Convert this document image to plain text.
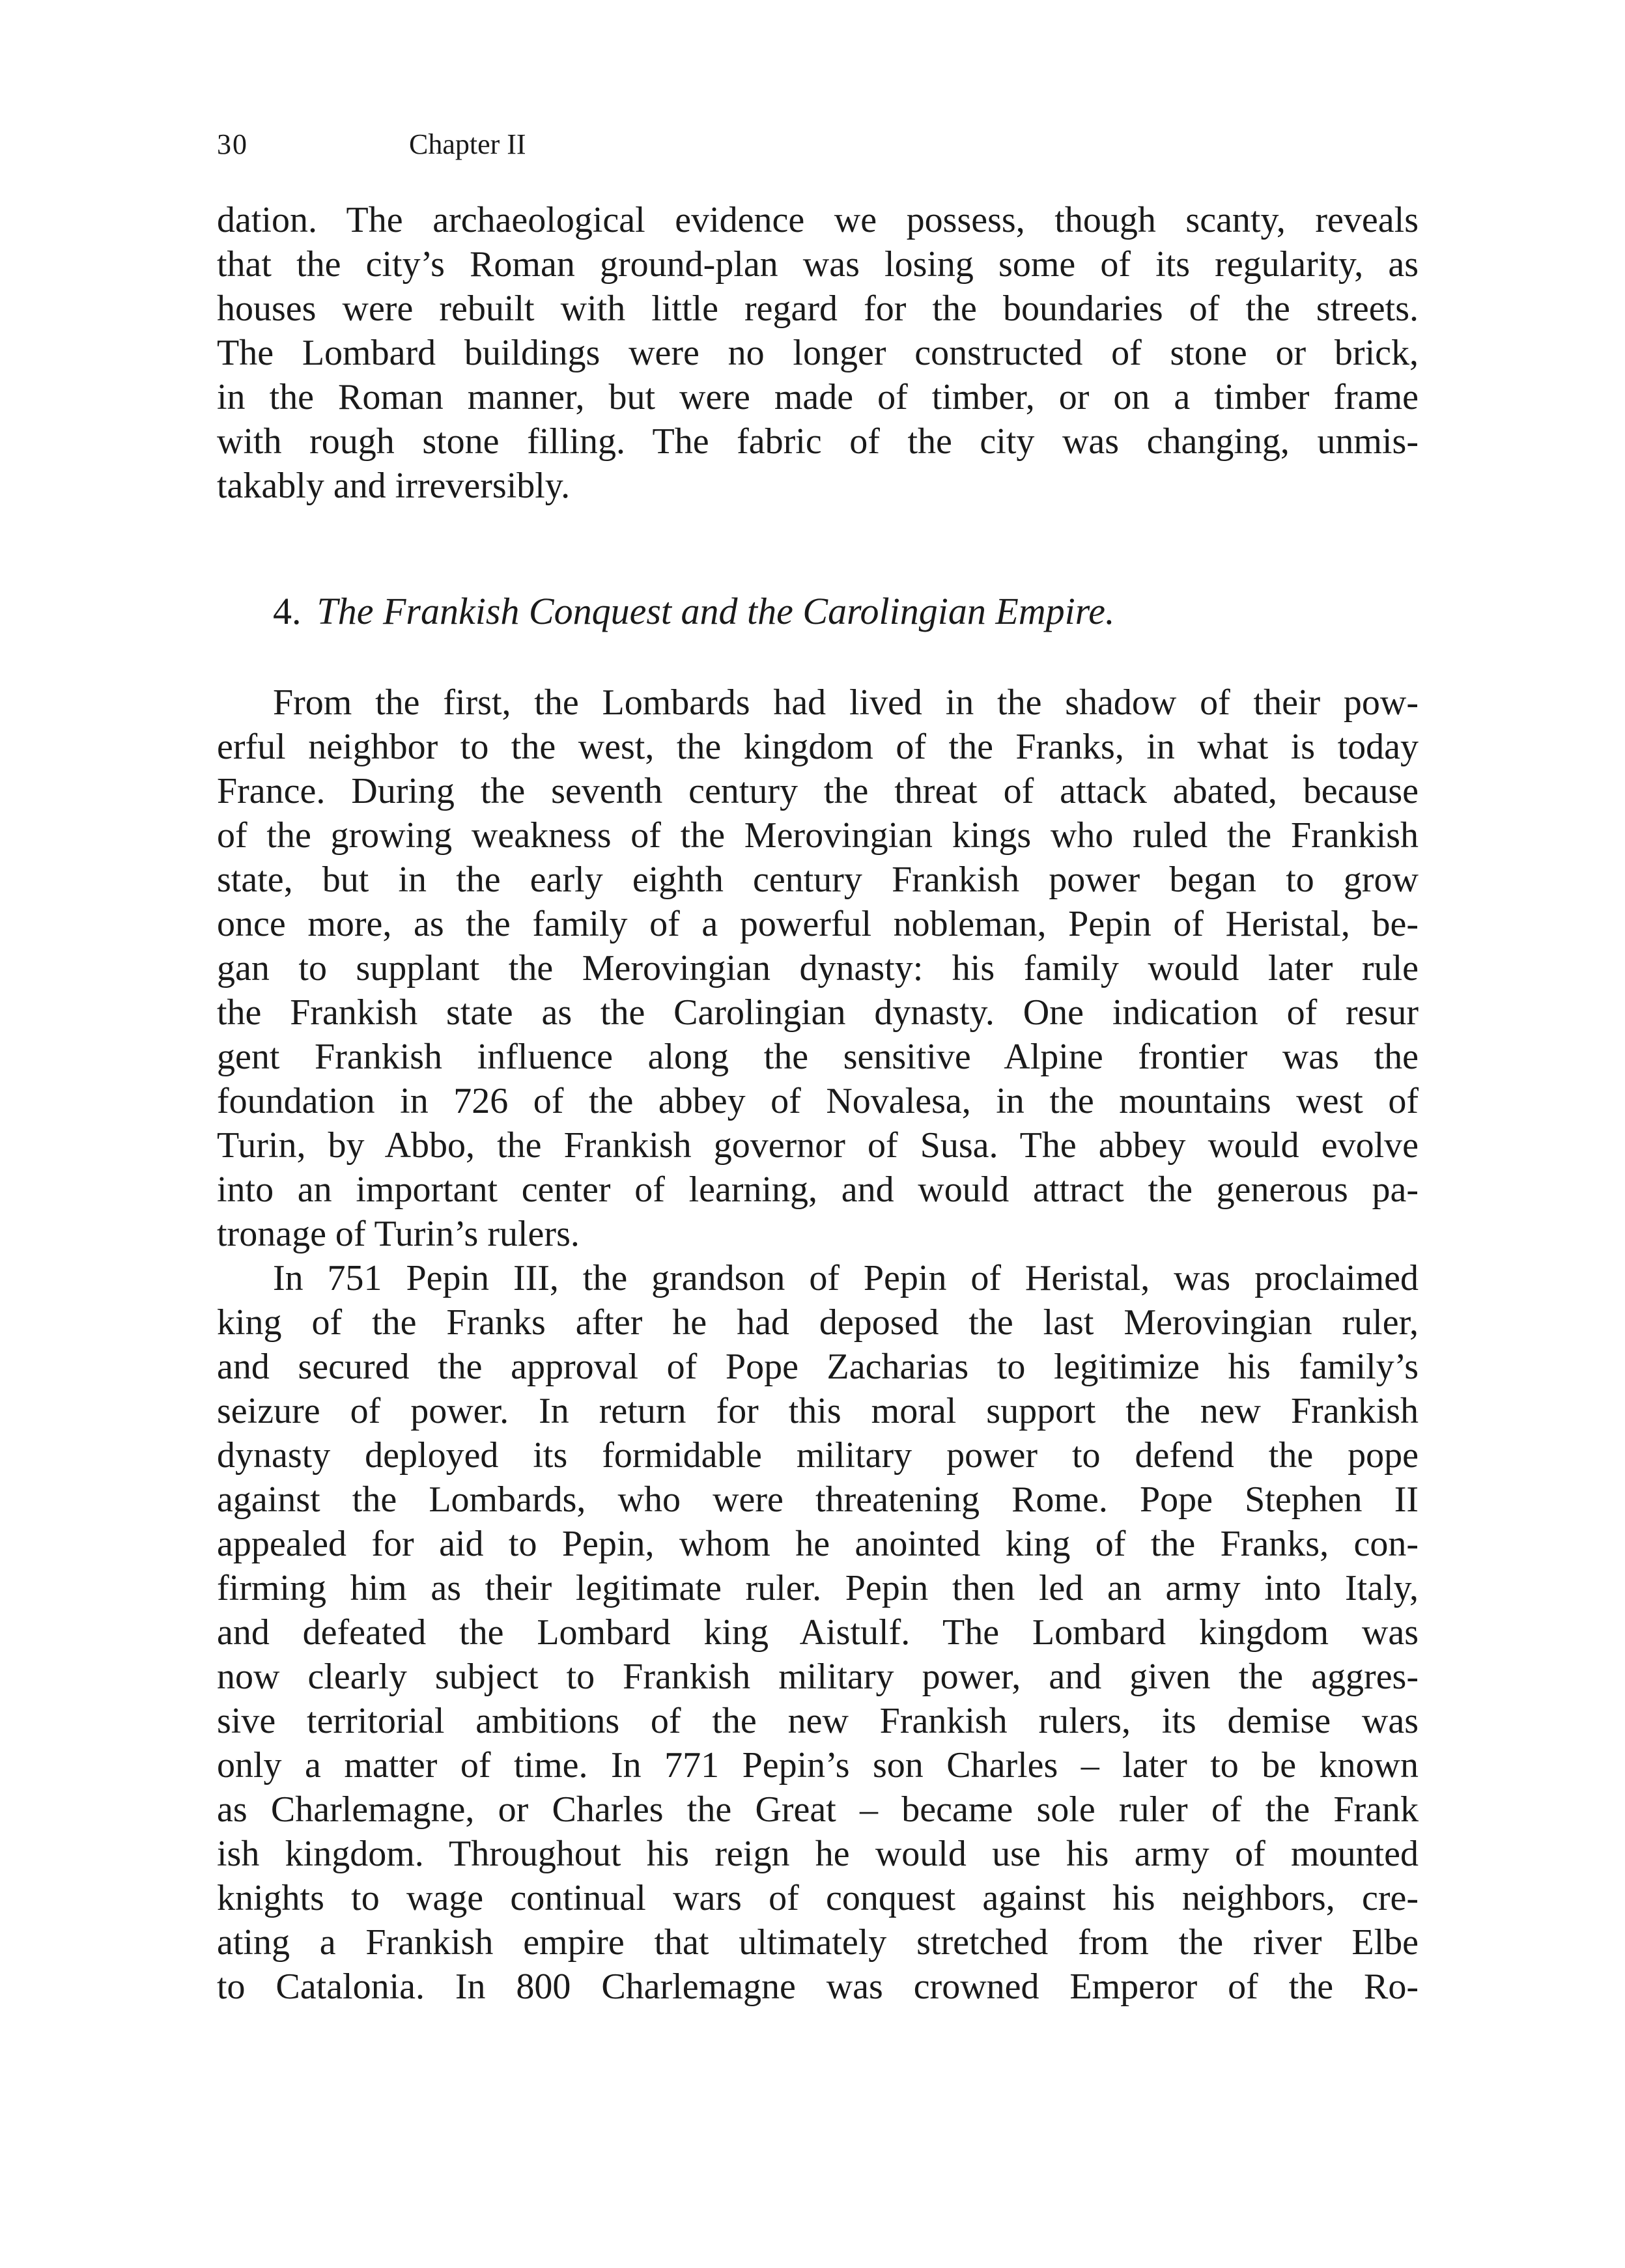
30	Chapter II
dation. The archaeological evidence we possess, though scanty, reveals
that the city’s Roman ground-plan was losing some of its regularity, as
houses were rebuilt with little regard for the boundaries of the streets.
The Lombard buildings were no longer constructed of stone or brick,
in the Roman manner, but were made of timber, or on a timber frame
with rough stone filling. The fabric of the city was changing, unmis-
takably and irreversibly.
4. The Frankish Conquest and the Carolingian Empire.
From the first, the Lombards had lived in the shadow of their pow-
erful neighbor to the west, the kingdom of the Franks, in what is today
France. During the seventh century the threat of attack abated, because
of the growing weakness of the Merovingian kings who ruled the Frankish
state, but in the early eighth century Frankish power began to grow
once more, as the family of a powerful nobleman, Pepin of Heristal, be-
gan to supplant the Merovingian dynasty: his family would later rule
the Frankish state as the Carolingian dynasty. One indication of resur
gent Frankish influence along the sensitive Alpine frontier was the
foundation in 726 of the abbey of Novalesa, in the mountains west of
Turin, by Abbo, the Frankish governor of Susa. The abbey would evolve
into an important center of learning, and would attract the generous pa-
tronage of Turin’s rulers.
In 751 Pepin III, the grandson of Pepin of Heristal, was proclaimed
king of the Franks after he had deposed the last Merovingian ruler,
and secured the approval of Pope Zacharias to legitimize his family’s
seizure of power. In return for this moral support the new Frankish
dynasty deployed its formidable military power to defend the pope
against the Lombards, who were threatening Rome. Pope Stephen II
appealed for aid to Pepin, whom he anointed king of the Franks, con-
firming him as their legitimate ruler. Pepin then led an army into Italy,
and defeated the Lombard king Aistulf. The Lombard kingdom was
now clearly subject to Frankish military power, and given the aggres-
sive territorial ambitions of the new Frankish rulers, its demise was
only a matter of time. In 771 Pepin’s son Charles – later to be known
as Charlemagne, or Charles the Great – became sole ruler of the Frank
ish kingdom. Throughout his reign he would use his army of mounted
knights to wage continual wars of conquest against his neighbors, cre-
ating a Frankish empire that ultimately stretched from the river Elbe
to Catalonia. In 800 Charlemagne was crowned Emperor of the Ro-
